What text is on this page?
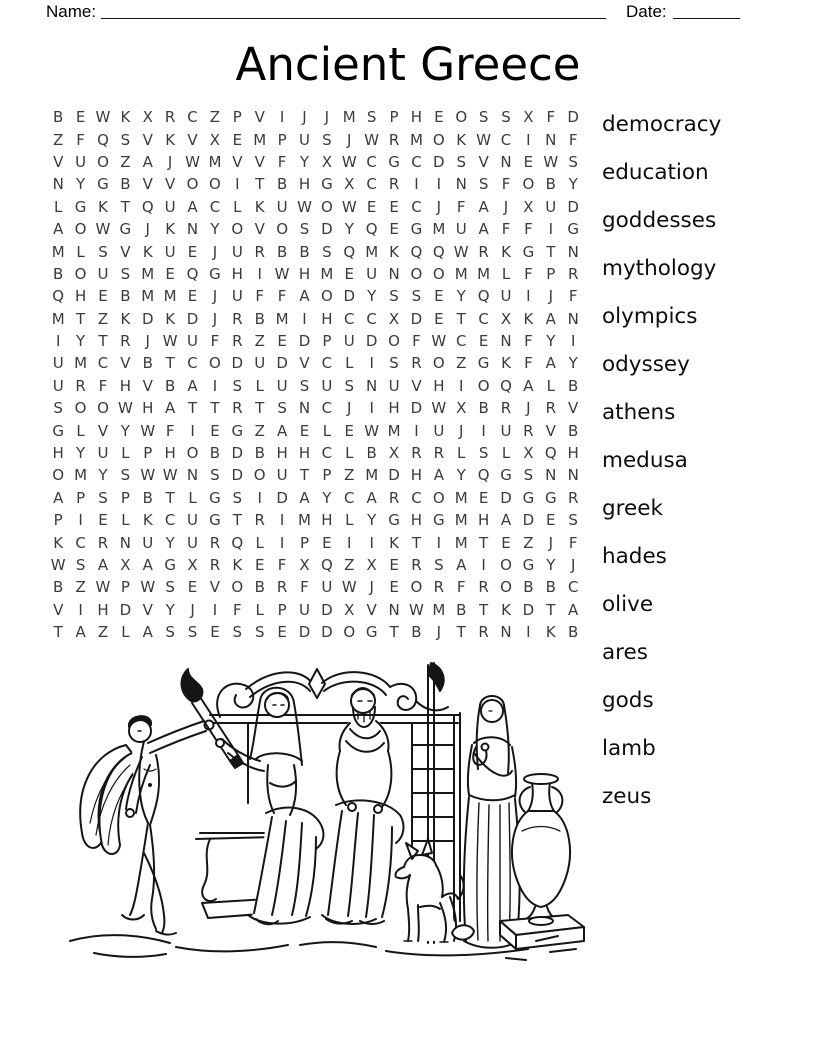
Name:	Date:
Ancient Greece
B E W K X R C Z P V	I	J	J M S P H E O S S X F D
Z F Q S V K V X E M P U S	J W R M O K W C I N F
V U O Z A	J W M V V F Y X W C G C D S V N E W S
N Y G B V V O O I	T B H G X C R I	I N S F O B Y
L G K T Q U A C L K U W O W E E C J	F A	J	X U D
A O W G J	K N Y O V O S D Y Q E G M U A F F	I G
M L S V K U E	J U R B B S Q M K Q Q W R K G T N
B O U S M E Q G H I W H M E U N O O M M L F P R
Q H E B M M E	J U F F A O D Y S S E Y Q U I	J	F
M T Z K D K D J R B M I H C C X D E T C X K A N
I	Y T R J W U F R Z E D P U D O F W C E N F Y	I
U M C V B T C O D U D V C L	I	S R O Z G K F A Y
U R F H V B A	I	S L U S U S N U V H I O Q A L B
S O O W H A T T R T S N C J	I H D W X B R J R V
G L V Y W F	I	E G Z A E L E W M I U J	I U R V B
H Y U L P H O B D B H H C L B X R R L S L X Q H
O M Y S W W N S D O U T P Z M D H A Y Q G S N N
A P S P B T L G S	I D A Y C A R C O M E D G G R
P	I	E L K C U G T R I M H L Y G H G M H A D E S
K C R N U Y U R Q L	I	P E	I	I	K T	I M T E Z	J	F
W S A X A G X R K E F X Q Z X E R S A	I O G Y	J
B Z W P W S E V O B R F U W J	E O R F R O B B C
V	I H D V Y	J	I	F L P U D X V N W M B T K D T A
T A Z L A S S E S S E D D O G T B	J	T R N I	K B
democracy
education
goddesses
mythology
olympics
odyssey
athens
medusa
greek
hades
olive
ares
gods
lamb
zeus
